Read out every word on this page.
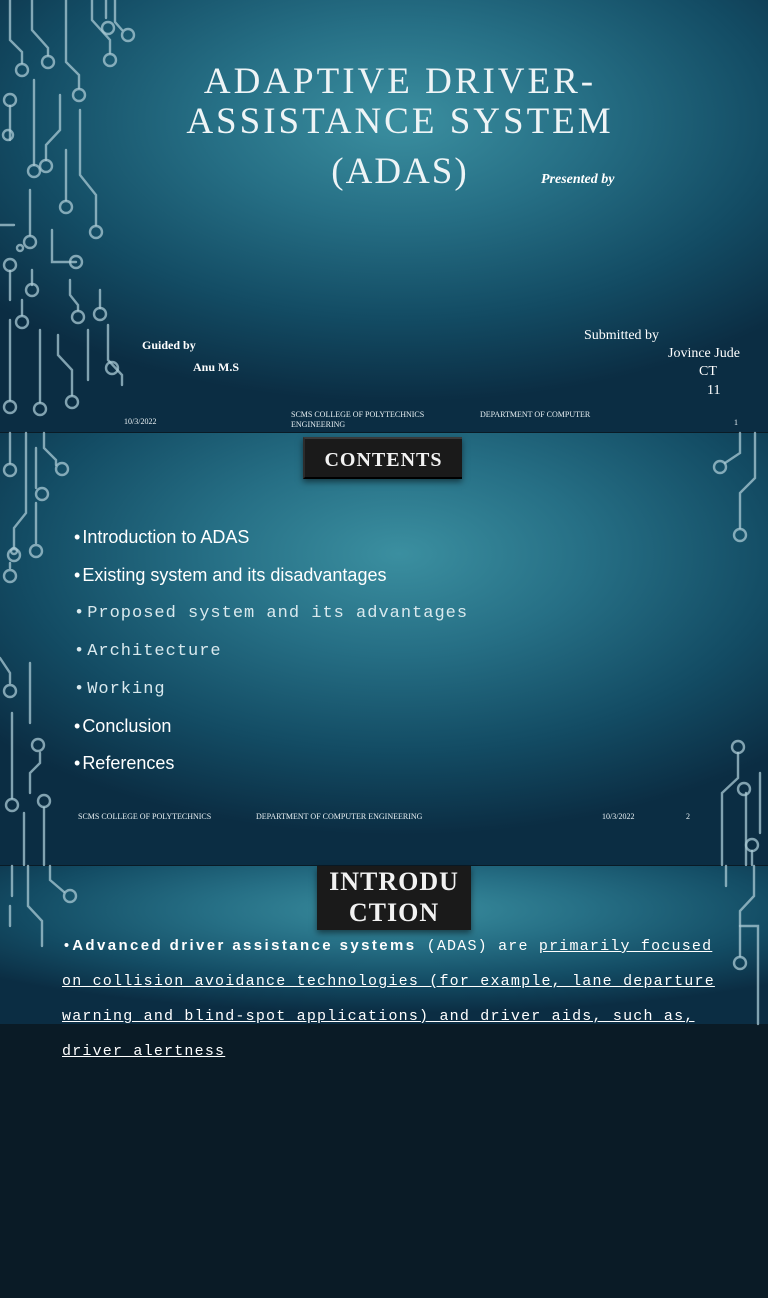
ADAPTIVE DRIVER-
ASSISTANCE SYSTEM
(ADAS)	Presented by
Guided by
Anu M.S
Submitted by
Jovince Jude
CT
11
10/3/2022
SCMS COLLEGE OF POLYTECHNICS	DEPARTMENT OF COMPUTER
ENGINEERING	1
CONTENTS
• Introduction to ADAS
• Existing system and its disadvantages
• Proposed system and its advantages
• Architecture
• Working
• Conclusion
• References
SCMS COLLEGE OF POLYTECHNICS	DEPARTMENT OF COMPUTER ENGINEERING	10/3/2022	2
INTRODU
CTION

•Advanced driver assistance systems (ADAS) are primarily focused on collision avoidance technologies (for example, lane departure warning and blind-spot applications) and driver aids, such as, driver alertness
